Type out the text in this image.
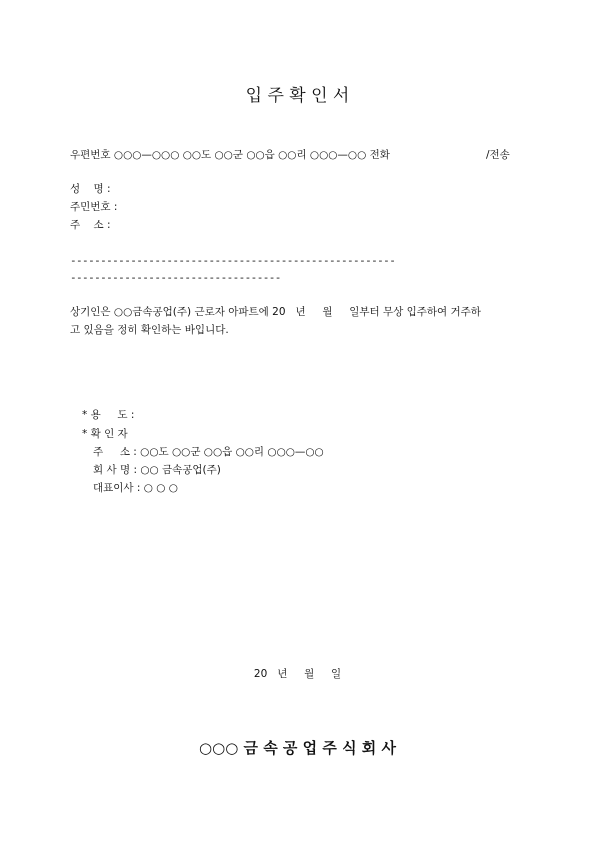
입 주 확 인 서
우편번호 ○○○—○○○ ○○도 ○○군 ○○읍 ○○리 ○○○—○○ 전화	/전송
성    명 :
주민번호 :
주    소 :
------------------------------------------------------
-----------------------------------
상기인은 ○○금속공업(주) 근로자 아파트에 20   년     월     일부터 무상 입주하여 거주하
고 있음을 정히 확인하는 바입니다.
* 용     도 :
* 확 인 자
주     소 : ○○도 ○○군 ○○읍 ○○리 ○○○—○○
회 사 명 : ○○ 금속공업(주)
대표이사 : ○ ○ ○
20   년     월     일
○○○ 금 속 공 업 주 식 회 사
